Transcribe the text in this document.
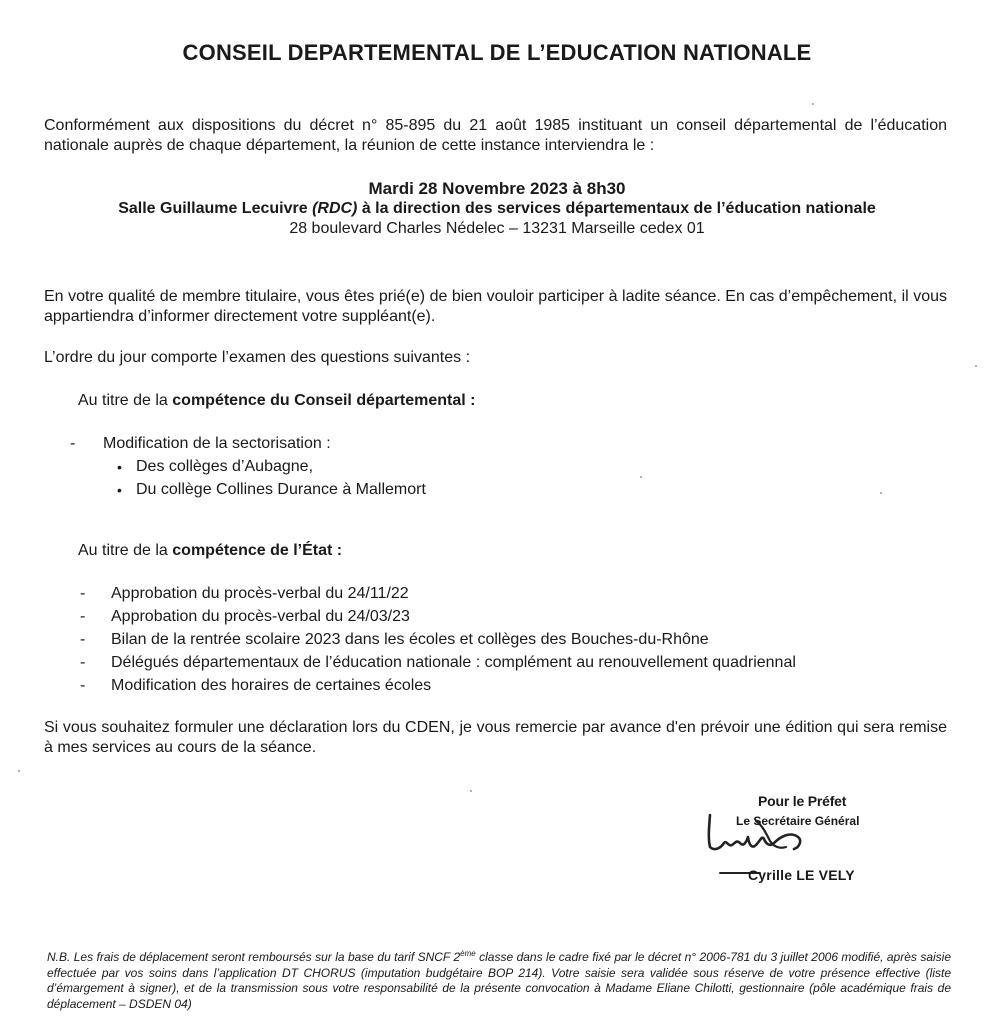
CONSEIL DEPARTEMENTAL DE L’EDUCATION NATIONALE
Conformément aux dispositions du décret n° 85-895 du 21 août 1985 instituant un conseil départemental de l’éducation nationale auprès de chaque département, la réunion de cette instance interviendra le :
Mardi 28 Novembre 2023 à 8h30
Salle Guillaume Lecuivre (RDC) à la direction des services départementaux de l’éducation nationale
28 boulevard Charles Nédelec – 13231 Marseille cedex 01
En votre qualité de membre titulaire, vous êtes prié(e) de bien vouloir participer à ladite séance. En cas d’empêchement, il vous appartiendra d’informer directement votre suppléant(e).
L’ordre du jour comporte l’examen des questions suivantes :
Au titre de la compétence du Conseil départemental :
- Modification de la sectorisation :
• Des collèges d’Aubagne,
• Du collège Collines Durance à Mallemort
Au titre de la compétence de l’État :
- Approbation du procès-verbal du 24/11/22
- Approbation du procès-verbal du 24/03/23
- Bilan de la rentrée scolaire 2023 dans les écoles et collèges des Bouches-du-Rhône
- Délégués départementaux de l’éducation nationale : complément au renouvellement quadriennal
- Modification des horaires de certaines écoles
Si vous souhaitez formuler une déclaration lors du CDEN, je vous remercie par avance d'en prévoir une édition qui sera remise à mes services au cours de la séance.
Pour le Préfet
Le Secrétaire Général
Cyrille LE VELY
N.B. Les frais de déplacement seront remboursés sur la base du tarif SNCF 2ème classe dans le cadre fixé par le décret n° 2006-781 du 3 juillet 2006 modifié, après saisie effectuée par vos soins dans l’application DT CHORUS (imputation budgétaire BOP 214). Votre saisie sera validée sous réserve de votre présence effective (liste d’émargement à signer), et de la transmission sous votre responsabilité de la présente convocation à Madame Eliane Chilotti, gestionnaire (pôle académique frais de déplacement – DSDEN 04)
